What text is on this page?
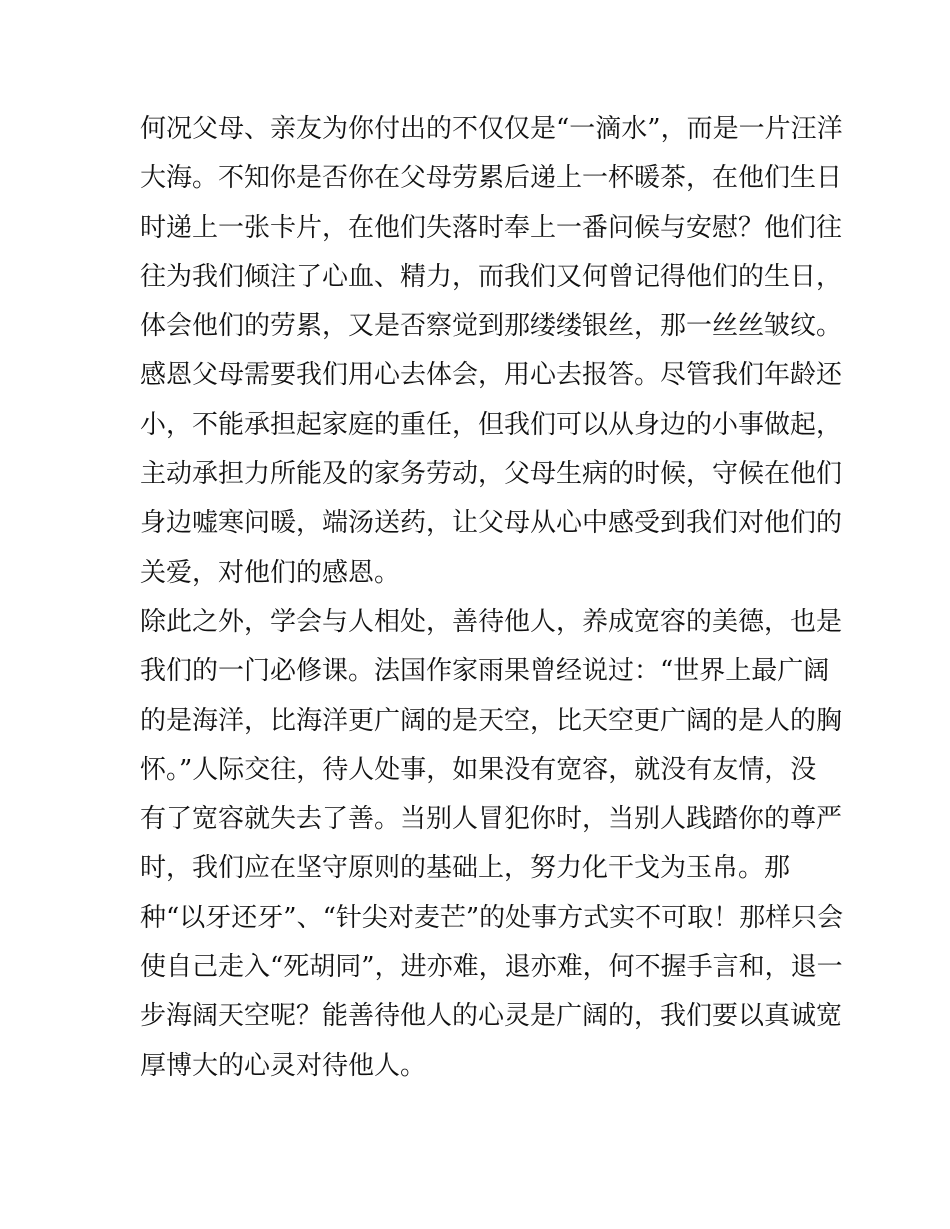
何况父母、亲友为你付出的不仅仅是“一滴水”，而是一片汪洋
大海。不知你是否你在父母劳累后递上一杯暖茶，在他们生日
时递上一张卡片，在他们失落时奉上一番问候与安慰？他们往
往为我们倾注了心血、精力，而我们又何曾记得他们的生日，
体会他们的劳累，又是否察觉到那缕缕银丝，那一丝丝皱纹。
感恩父母需要我们用心去体会，用心去报答。尽管我们年龄还
小，不能承担起家庭的重任，但我们可以从身边的小事做起，
主动承担力所能及的家务劳动，父母生病的时候，守候在他们
身边嘘寒问暖，端汤送药，让父母从心中感受到我们对他们的
关爱，对他们的感恩。
除此之外，学会与人相处，善待他人，养成宽容的美德，也是
我们的一门必修课。法国作家雨果曾经说过：“世界上最广阔
的是海洋，比海洋更广阔的是天空，比天空更广阔的是人的胸
怀。”人际交往，待人处事，如果没有宽容，就没有友情，没
有了宽容就失去了善。当别人冒犯你时，当别人践踏你的尊严
时，我们应在坚守原则的基础上，努力化干戈为玉帛。那
种“以牙还牙”、“针尖对麦芒”的处事方式实不可取！那样只会
使自己走入“死胡同”，进亦难，退亦难，何不握手言和，退一
步海阔天空呢？能善待他人的心灵是广阔的，我们要以真诚宽
厚博大的心灵对待他人。
